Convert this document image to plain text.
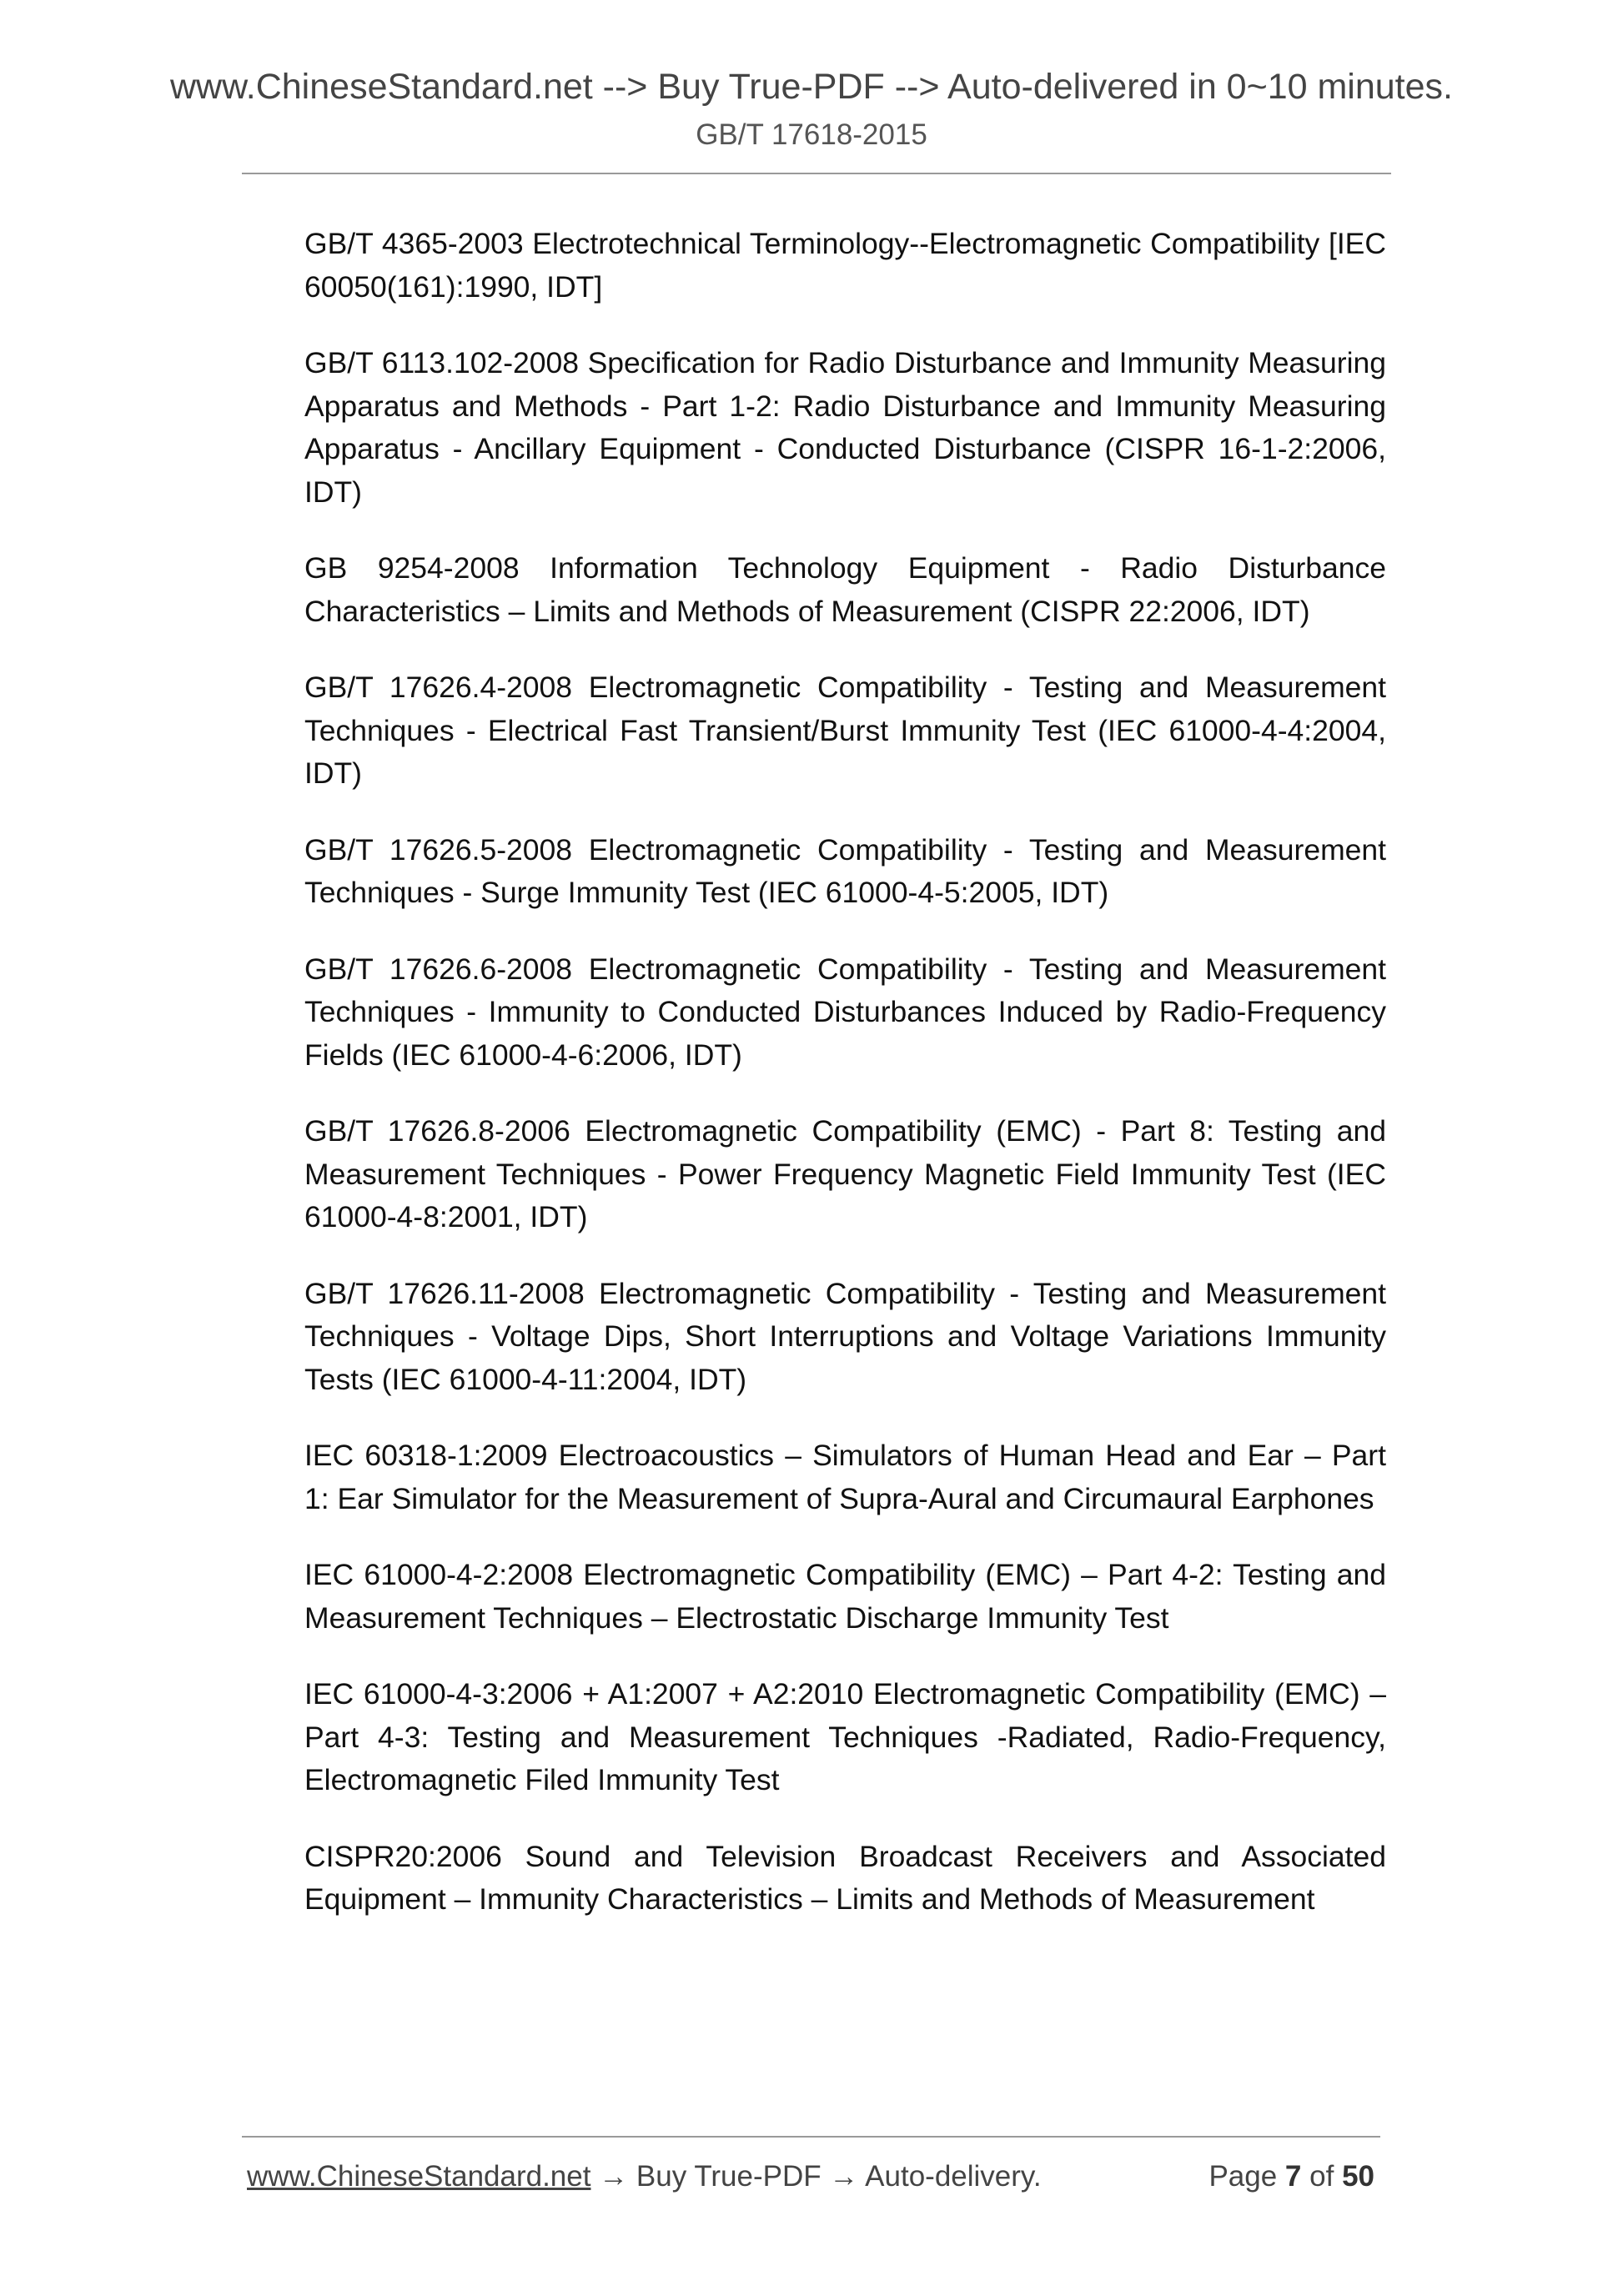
www.ChineseStandard.net --> Buy True-PDF --> Auto-delivered in 0~10 minutes.
GB/T 17618-2015

GB/T 4365-2003 Electrotechnical Terminology--Electromagnetic Compatibility [IEC 60050(161):1990, IDT]

GB/T 6113.102-2008 Specification for Radio Disturbance and Immunity Measuring Apparatus and Methods - Part 1-2: Radio Disturbance and Immunity Measuring Apparatus - Ancillary Equipment - Conducted Disturbance (CISPR 16-1-2:2006, IDT)

GB 9254-2008 Information Technology Equipment - Radio Disturbance Characteristics – Limits and Methods of Measurement (CISPR 22:2006, IDT)

GB/T 17626.4-2008 Electromagnetic Compatibility - Testing and Measurement Techniques - Electrical Fast Transient/Burst Immunity Test (IEC 61000-4-4:2004, IDT)

GB/T 17626.5-2008 Electromagnetic Compatibility - Testing and Measurement Techniques - Surge Immunity Test (IEC 61000-4-5:2005, IDT)

GB/T 17626.6-2008 Electromagnetic Compatibility - Testing and Measurement Techniques - Immunity to Conducted Disturbances Induced by Radio-Frequency Fields (IEC 61000-4-6:2006, IDT)

GB/T 17626.8-2006 Electromagnetic Compatibility (EMC) - Part 8: Testing and Measurement Techniques - Power Frequency Magnetic Field Immunity Test (IEC 61000-4-8:2001, IDT)

GB/T 17626.11-2008 Electromagnetic Compatibility - Testing and Measurement Techniques - Voltage Dips, Short Interruptions and Voltage Variations Immunity Tests (IEC 61000-4-11:2004, IDT)

IEC 60318-1:2009 Electroacoustics – Simulators of Human Head and Ear – Part 1: Ear Simulator for the Measurement of Supra-Aural and Circumaural Earphones

IEC 61000-4-2:2008 Electromagnetic Compatibility (EMC) – Part 4-2: Testing and Measurement Techniques – Electrostatic Discharge Immunity Test

IEC 61000-4-3:2006 + A1:2007 + A2:2010 Electromagnetic Compatibility (EMC) – Part 4-3: Testing and Measurement Techniques -Radiated, Radio-Frequency, Electromagnetic Filed Immunity Test

CISPR20:2006 Sound and Television Broadcast Receivers and Associated Equipment – Immunity Characteristics – Limits and Methods of Measurement

www.ChineseStandard.net → Buy True-PDF → Auto-delivery.	Page 7 of 50
